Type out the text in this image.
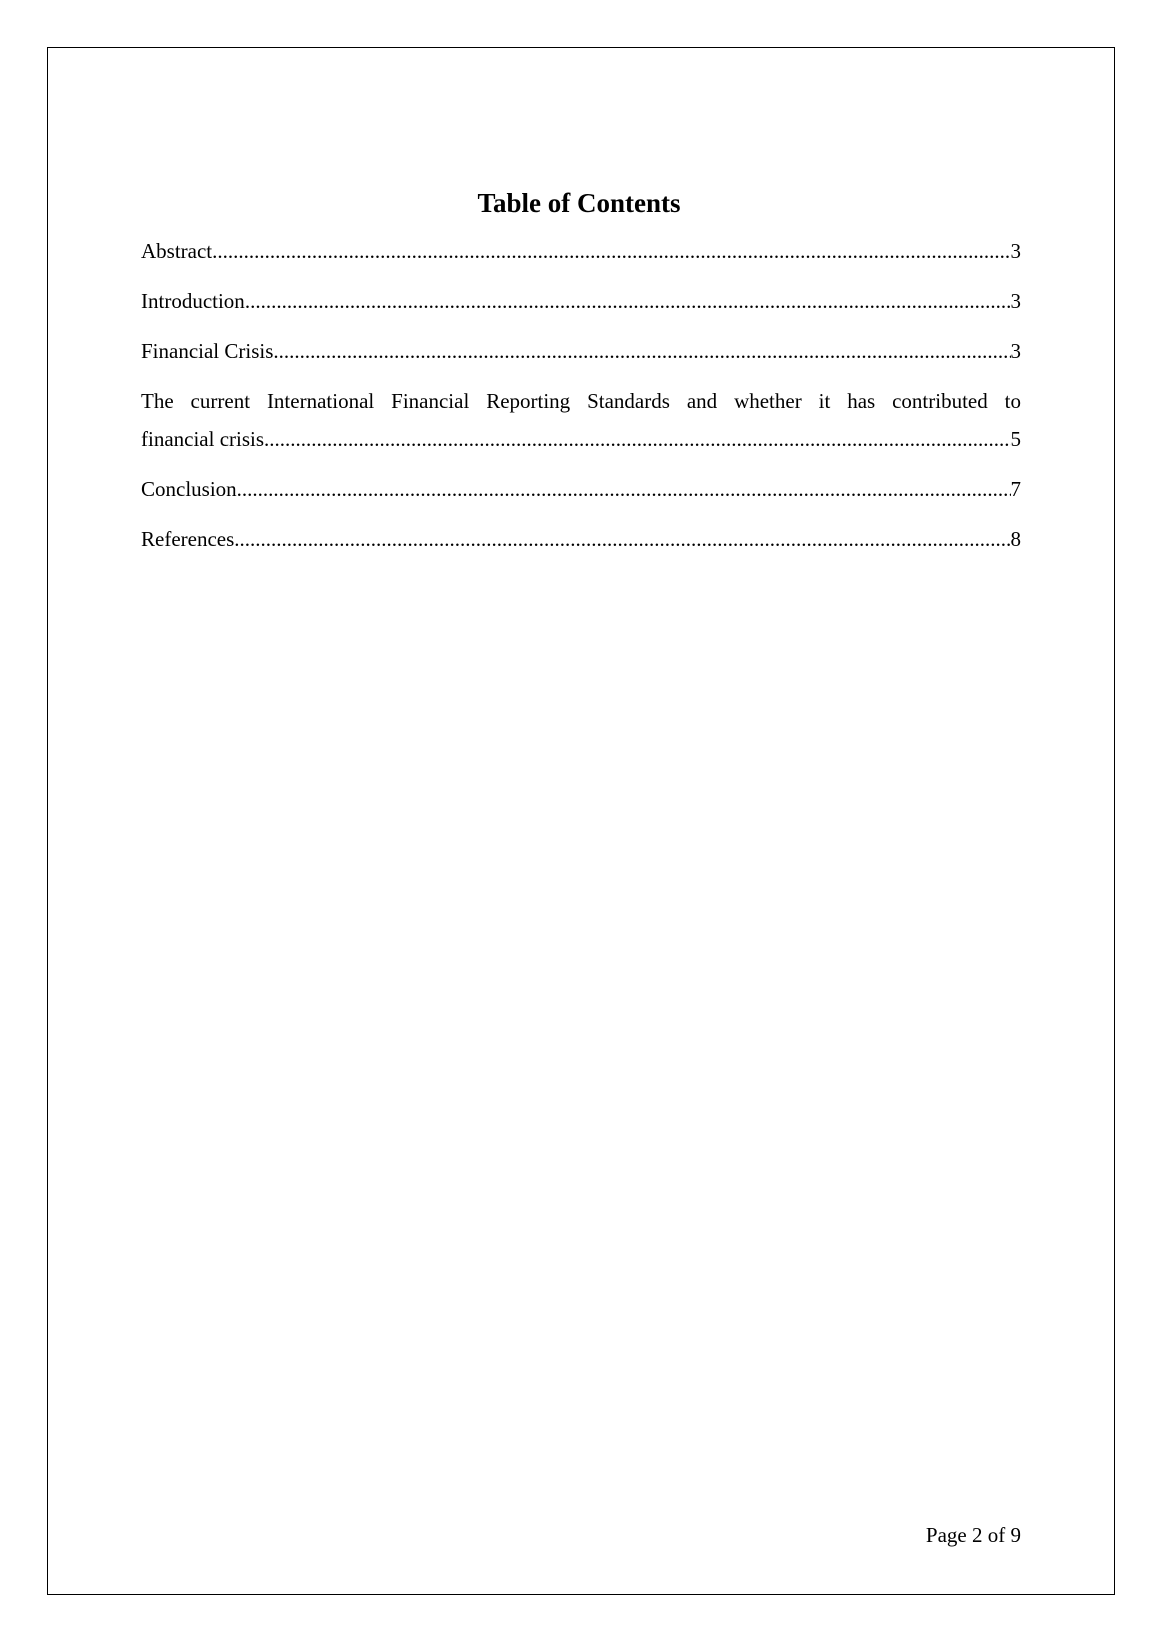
Table of Contents
Abstract .....	3
Introduction .....	3
Financial Crisis .....	3
The current International Financial Reporting Standards and whether it has contributed to
financial crisis .....	5
Conclusion .....	7
References .....	8
Page 2 of 9
